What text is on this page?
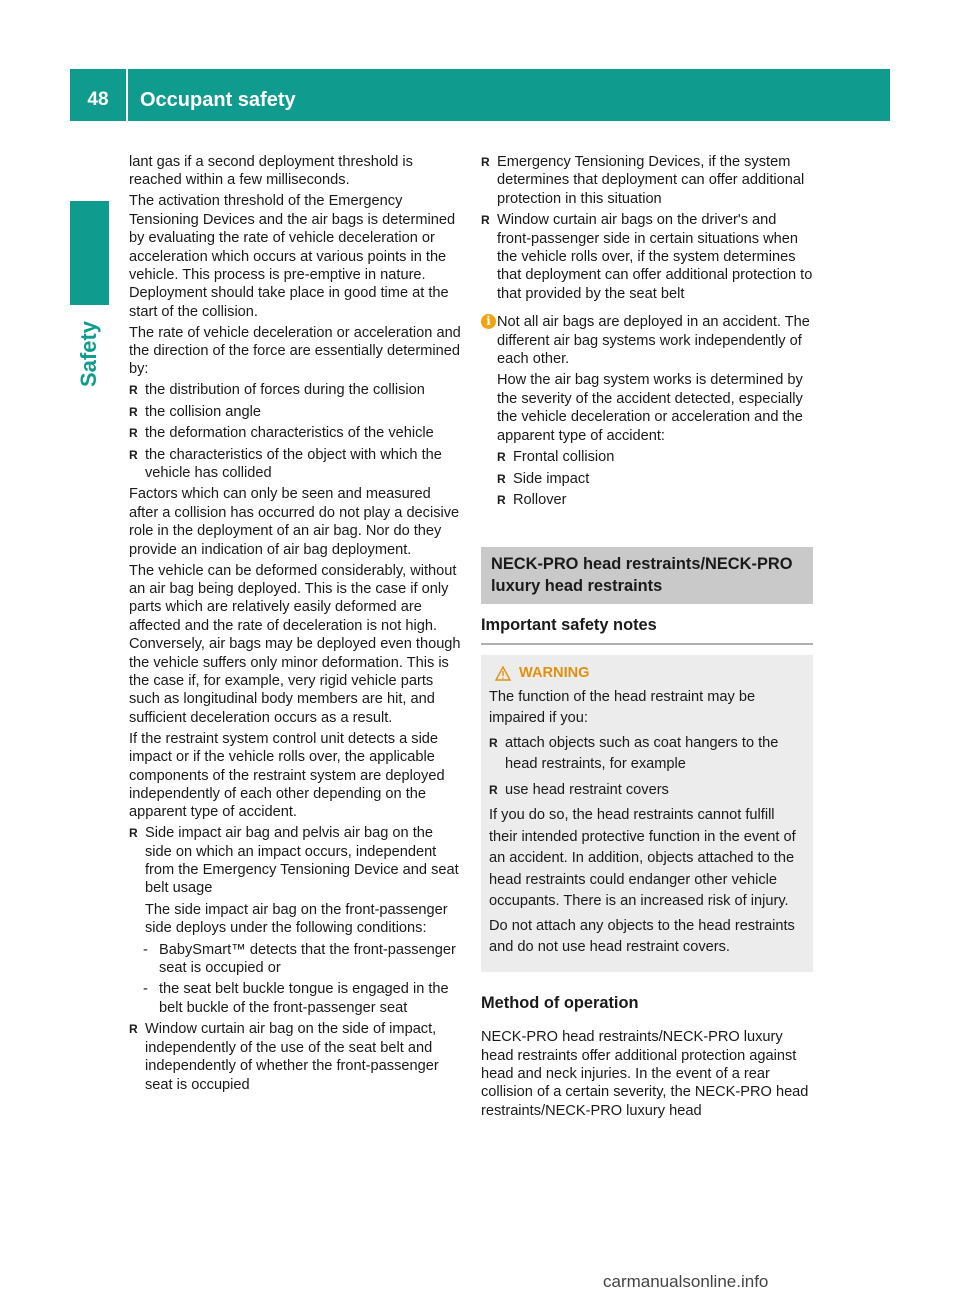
48	Occupant safety
Safety
lant gas if a second deployment threshold is reached within a few milliseconds.
The activation threshold of the Emergency Tensioning Devices and the air bags is determined by evaluating the rate of vehicle deceleration or acceleration which occurs at various points in the vehicle. This process is pre-emptive in nature. Deployment should take place in good time at the start of the collision.
The rate of vehicle deceleration or acceleration and the direction of the force are essentially determined by:
R the distribution of forces during the collision
R the collision angle
R the deformation characteristics of the vehicle
R the characteristics of the object with which the vehicle has collided
Factors which can only be seen and measured after a collision has occurred do not play a decisive role in the deployment of an air bag. Nor do they provide an indication of air bag deployment.
The vehicle can be deformed considerably, without an air bag being deployed. This is the case if only parts which are relatively easily deformed are affected and the rate of deceleration is not high. Conversely, air bags may be deployed even though the vehicle suffers only minor deformation. This is the case if, for example, very rigid vehicle parts such as longitudinal body members are hit, and sufficient deceleration occurs as a result.
If the restraint system control unit detects a side impact or if the vehicle rolls over, the applicable components of the restraint system are deployed independently of each other depending on the apparent type of accident.
R Side impact air bag and pelvis air bag on the side on which an impact occurs, independent from the Emergency Tensioning Device and seat belt usage
The side impact air bag on the front-passenger side deploys under the following conditions:
- BabySmart™ detects that the front-passenger seat is occupied or
- the seat belt buckle tongue is engaged in the belt buckle of the front-passenger seat
R Window curtain air bag on the side of impact, independently of the use of the seat belt and independently of whether the front-passenger seat is occupied
R Emergency Tensioning Devices, if the system determines that deployment can offer additional protection in this situation
R Window curtain air bags on the driver's and front-passenger side in certain situations when the vehicle rolls over, if the system determines that deployment can offer additional protection to that provided by the seat belt
i Not all air bags are deployed in an accident. The different air bag systems work independently of each other.
How the air bag system works is determined by the severity of the accident detected, especially the vehicle deceleration or acceleration and the apparent type of accident:
R Frontal collision
R Side impact
R Rollover
NECK-PRO head restraints/NECK-PRO luxury head restraints
Important safety notes
WARNING
The function of the head restraint may be impaired if you:
R attach objects such as coat hangers to the head restraints, for example
R use head restraint covers
If you do so, the head restraints cannot fulfill their intended protective function in the event of an accident. In addition, objects attached to the head restraints could endanger other vehicle occupants. There is an increased risk of injury.
Do not attach any objects to the head restraints and do not use head restraint covers.
Method of operation
NECK-PRO head restraints/NECK-PRO luxury head restraints offer additional protection against head and neck injuries. In the event of a rear collision of a certain severity, the NECK-PRO head restraints/NECK-PRO luxury head
carmanualsonline.info
